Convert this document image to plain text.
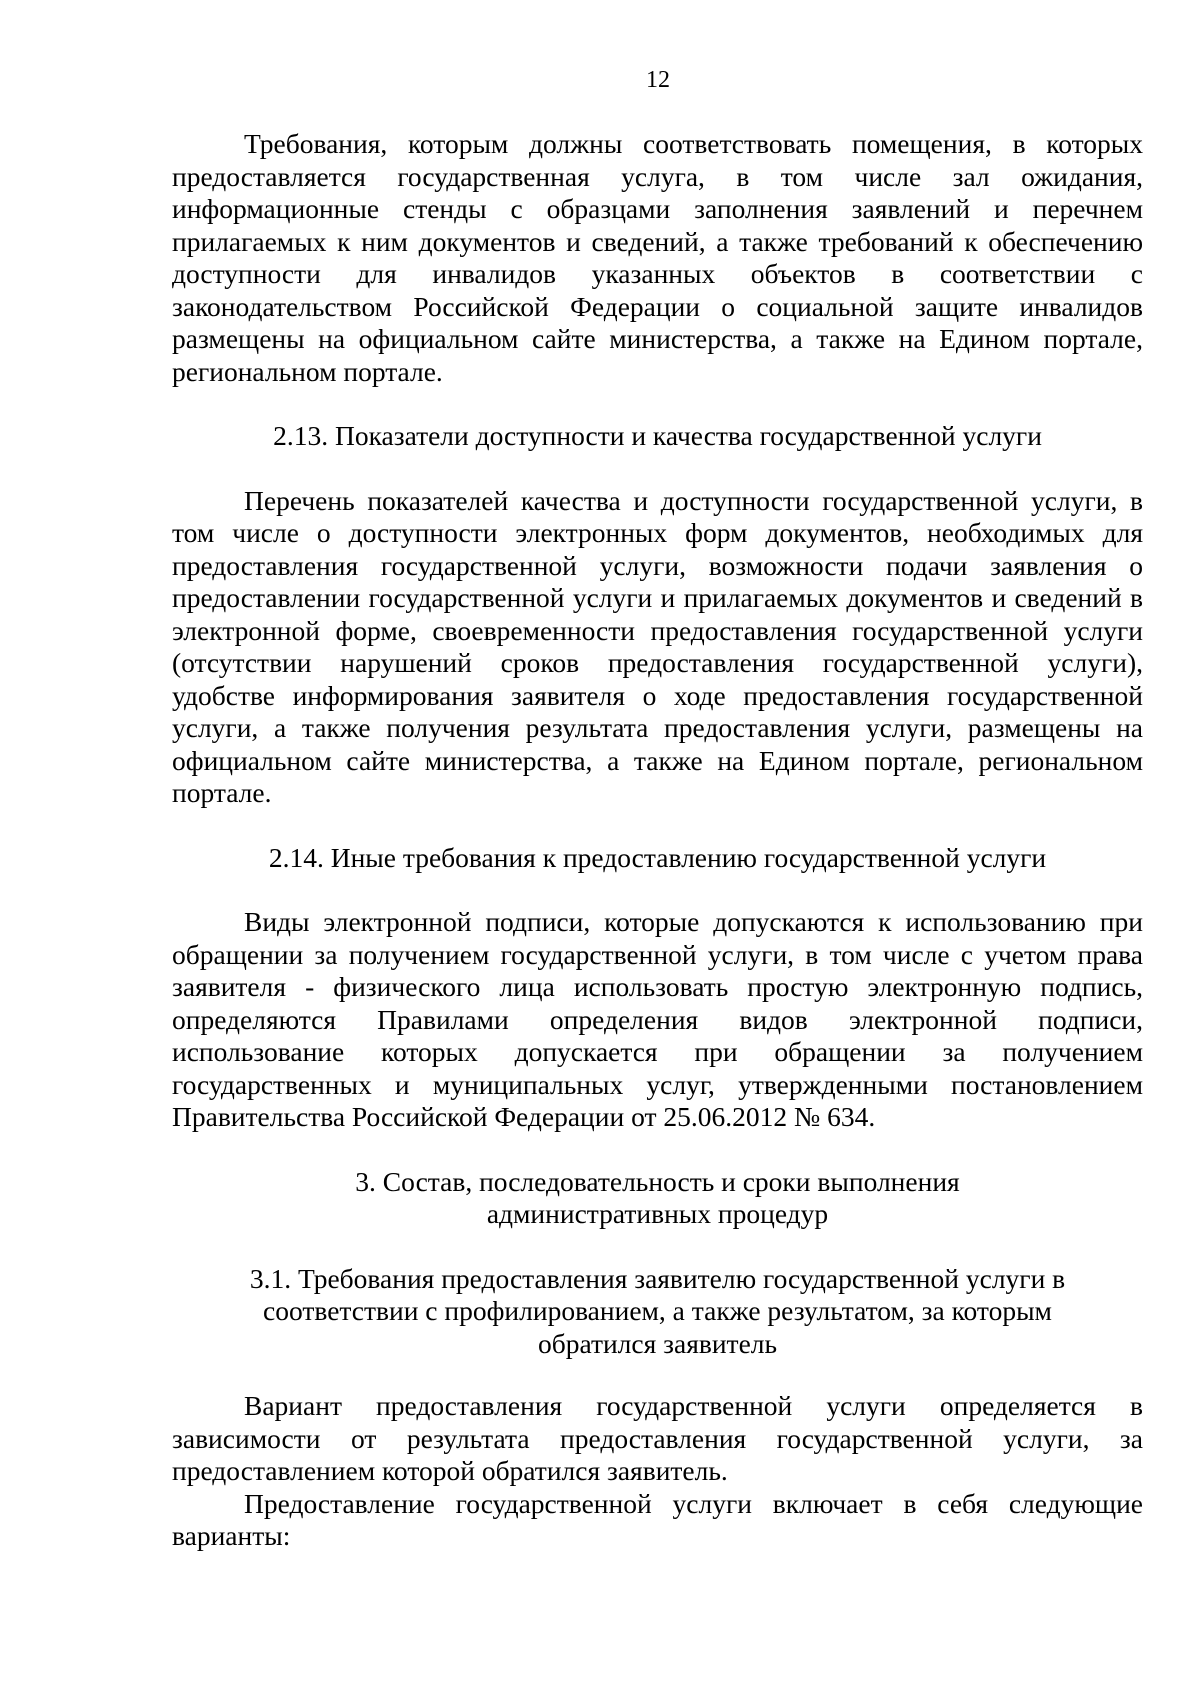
12

Требования, которым должны соответствовать помещения, в которых предоставляется государственная услуга, в том числе зал ожидания, информационные стенды с образцами заполнения заявлений и перечнем прилагаемых к ним документов и сведений, а также требований к обеспечению доступности для инвалидов указанных объектов в соответствии с законодательством Российской Федерации о социальной защите инвалидов размещены на официальном сайте министерства, а также на Едином портале, региональном портале.

2.13. Показатели доступности и качества государственной услуги

Перечень показателей качества и доступности государственной услуги, в том числе о доступности электронных форм документов, необходимых для предоставления государственной услуги, возможности подачи заявления о предоставлении государственной услуги и прилагаемых документов и сведений в электронной форме, своевременности предоставления государственной услуги (отсутствии нарушений сроков предоставления государственной услуги), удобстве информирования заявителя о ходе предоставления государственной услуги, а также получения результата предоставления услуги, размещены на официальном сайте министерства, а также на Едином портале, региональном портале.

2.14. Иные требования к предоставлению государственной услуги

Виды электронной подписи, которые допускаются к использованию при обращении за получением государственной услуги, в том числе с учетом права заявителя - физического лица использовать простую электронную подпись, определяются Правилами определения видов электронной подписи, использование которых допускается при обращении за получением государственных и муниципальных услуг, утвержденными постановлением Правительства Российской Федерации от 25.06.2012 № 634.

3. Состав, последовательность и сроки выполнения
административных процедур
3.1. Требования предоставления заявителю государственной услуги в
соответствии с профилированием, а также результатом, за которым
обратился заявитель

Вариант предоставления государственной услуги определяется в зависимости от результата предоставления государственной услуги, за предоставлением которой обратился заявитель.

Предоставление государственной услуги включает в себя следующие варианты:
